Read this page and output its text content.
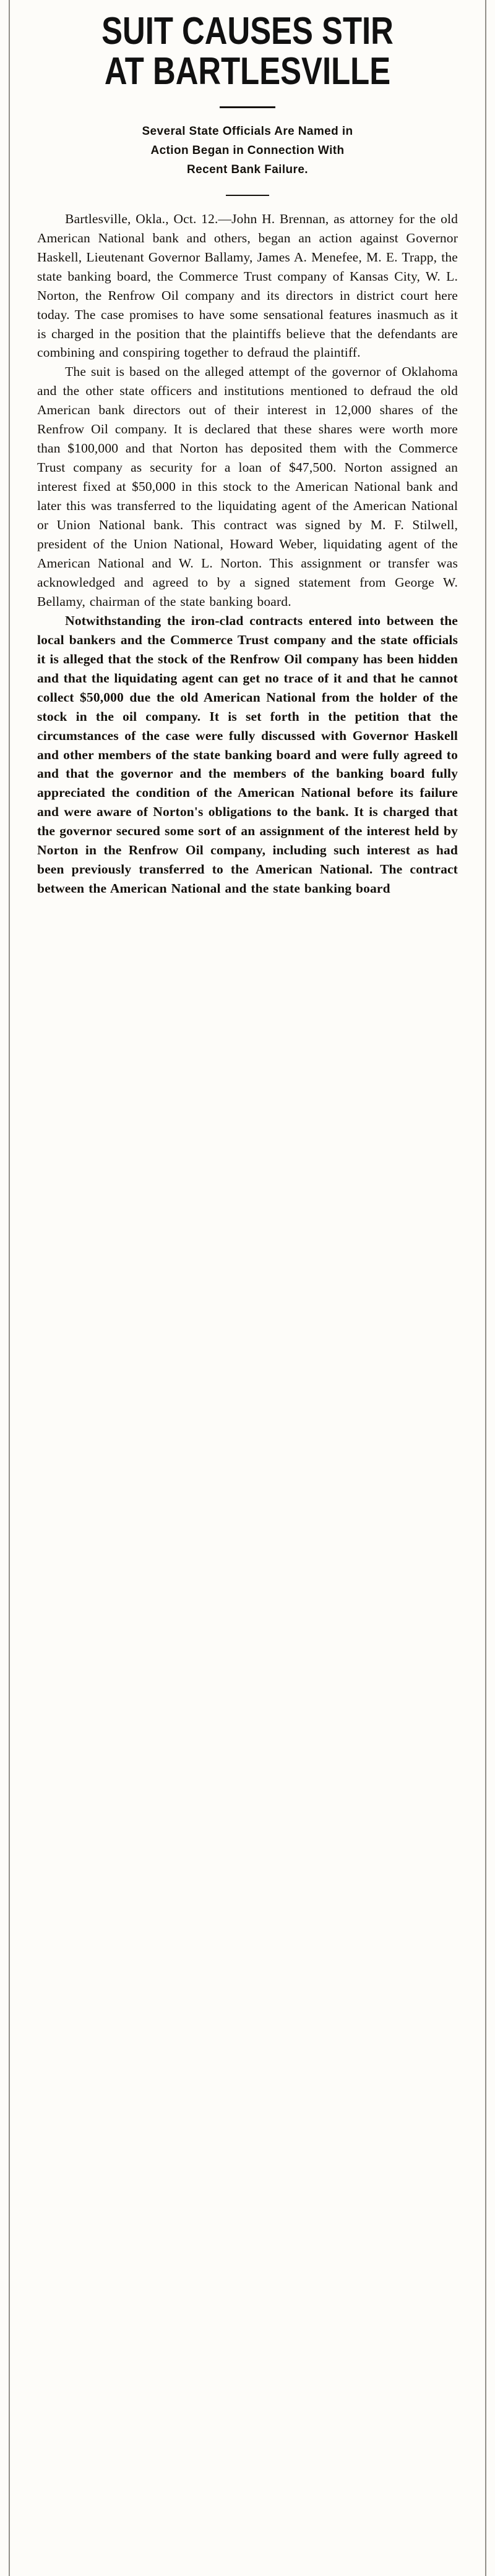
SUIT CAUSES STIR
AT BARTLESVILLE
Several State Officials Are Named in
Action Began in Connection With
Recent Bank Failure.

Bartlesville, Okla., Oct. 12.—John H. Brennan, as attorney for the old American National bank and others, began an action against Governor Haskell, Lieutenant Governor Ballamy, James A. Menefee, M. E. Trapp, the state banking board, the Commerce Trust company of Kansas City, W. L. Norton, the Renfrow Oil company and its directors in district court here today. The case promises to have some sensational features inasmuch as it is charged in the position that the plaintiffs believe that the defendants are combining and conspiring together to defraud the plaintiff.

The suit is based on the alleged attempt of the governor of Oklahoma and the other state officers and institutions mentioned to defraud the old American bank directors out of their interest in 12,000 shares of the Renfrow Oil company. It is declared that these shares were worth more than $100,000 and that Norton has deposited them with the Commerce Trust company as security for a loan of $47,500. Norton assigned an interest fixed at $50,000 in this stock to the American National bank and later this was transferred to the liquidating agent of the American National or Union National bank. This contract was signed by M. F. Stilwell, president of the Union National, Howard Weber, liquidating agent of the American National and W. L. Norton. This assignment or transfer was acknowledged and agreed to by a signed statement from George W. Bellamy, chairman of the state banking board.

Notwithstanding the iron-clad contracts entered into between the local bankers and the Commerce Trust company and the state officials it is alleged that the stock of the Renfrow Oil company has been hidden and that the liquidating agent can get no trace of it and that he cannot collect $50,000 due the old American National from the holder of the stock in the oil company. It is set forth in the petition that the circumstances of the case were fully discussed with Governor Haskell and other members of the state banking board and were fully agreed to and that the governor and the members of the banking board fully appreciated the condition of the American National before its failure and were aware of Norton's obligations to the bank. It is charged that the governor secured some sort of an assignment of the interest held by Norton in the Renfrow Oil company, including such interest as had been previously transferred to the American National. The contract between the American National and the state banking board
